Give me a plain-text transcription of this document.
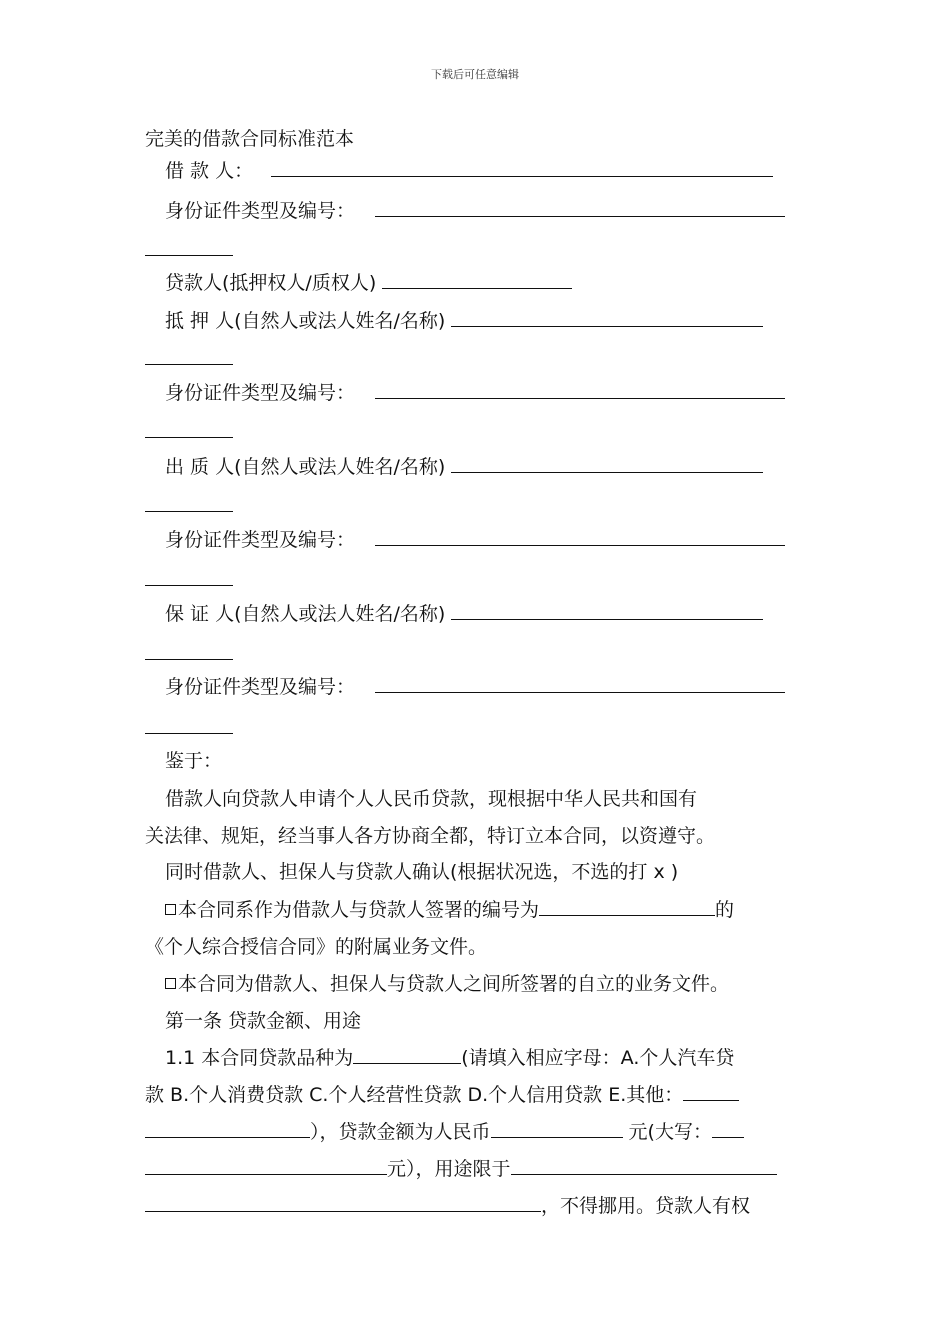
下载后可任意编辑
完美的借款合同标准范本
借 款 人：
身份证件类型及编号：
贷款人(抵押权人/质权人)
抵 押 人(自然人或法人姓名/名称)
身份证件类型及编号：
出 质 人(自然人或法人姓名/名称)
身份证件类型及编号：
保 证 人(自然人或法人姓名/名称)
身份证件类型及编号：
鉴于：
借款人向贷款人申请个人人民币贷款，现根据中华人民共和国有
关法律、规矩，经当事人各方协商全都，特订立本合同，以资遵守。
同时借款人、担保人与贷款人确认(根据状况选，不选的打 x )
本合同系作为借款人与贷款人签署的编号为	的
《个人综合授信合同》的附属业务文件。
本合同为借款人、担保人与贷款人之间所签署的自立的业务文件。
第一条 贷款金额、用途
1.1 本合同贷款品种为	(请填入相应字母：A.个人汽车贷
款 B.个人消费贷款 C.个人经营性贷款 D.个人信用贷款 E.其他：
），贷款金额为人民币	元(大写：
元），用途限于
，不得挪用。贷款人有权
